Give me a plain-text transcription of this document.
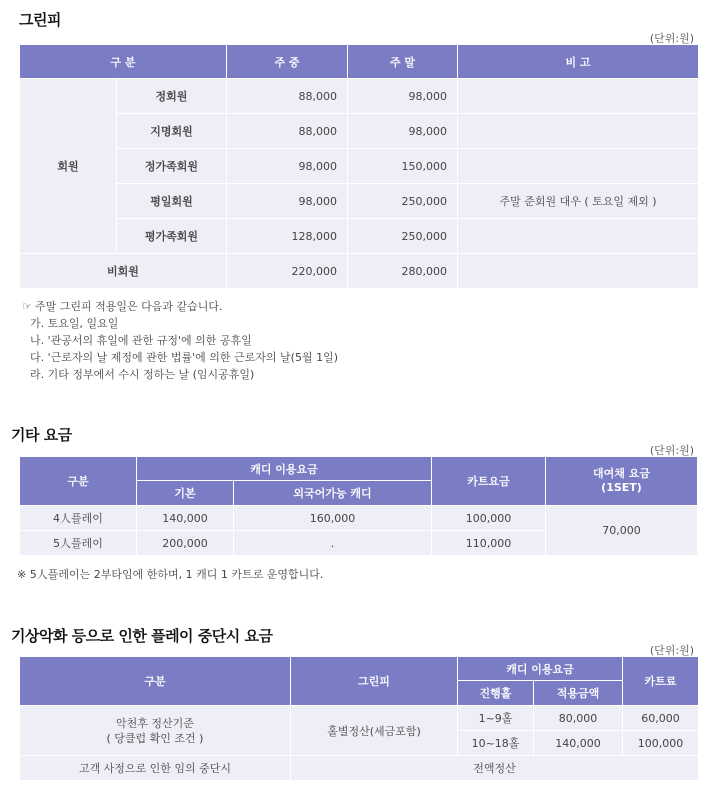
그린피
(단위:원)
구 분		주 중	주 말	비 고
회원	정회원	88,000	98,000	
	지명회원	88,000	98,000	
	정가족회원	98,000	150,000	
	평일회원	98,000	250,000	주말 준회원 대우 ( 토요일 제외 )
	평가족회원	128,000	250,000	
비회원		220,000	280,000	
☞ 주말 그린피 적용일은 다음과 같습니다.
가. 토요일, 일요일
나. '관공서의 휴일에 관한 규정'에 의한 공휴일
다. '근로자의 날 제정에 관한 법률'에 의한 근로자의 날(5월 1일)
라. 기타 정부에서 수시 정하는 날 (임시공휴일)
기타 요금
(단위:원)
구분	캐디 이용요금		카트요금	대여채 요금
(1SET)
	기본	외국어가능 캐디		
4人플레이	140,000	160,000	100,000	70,000
5人플레이	200,000	.	110,000	
※ 5人플레이는 2부타임에 한하며, 1 캐디 1 카트로 운영합니다.
기상악화 등으로 인한 플레이 중단시 요금
(단위:원)
구분	그린피	캐디 이용요금		카트료
		진행홀	적용금액	

악천후 정산기준
( 당클럽 확인 조건 )	홀별정산(세금포함)	1~9홀	80,000	60,000
		10~18홀	140,000	100,000
고객 사정으로 인한 임의 중단시	전액정산			
